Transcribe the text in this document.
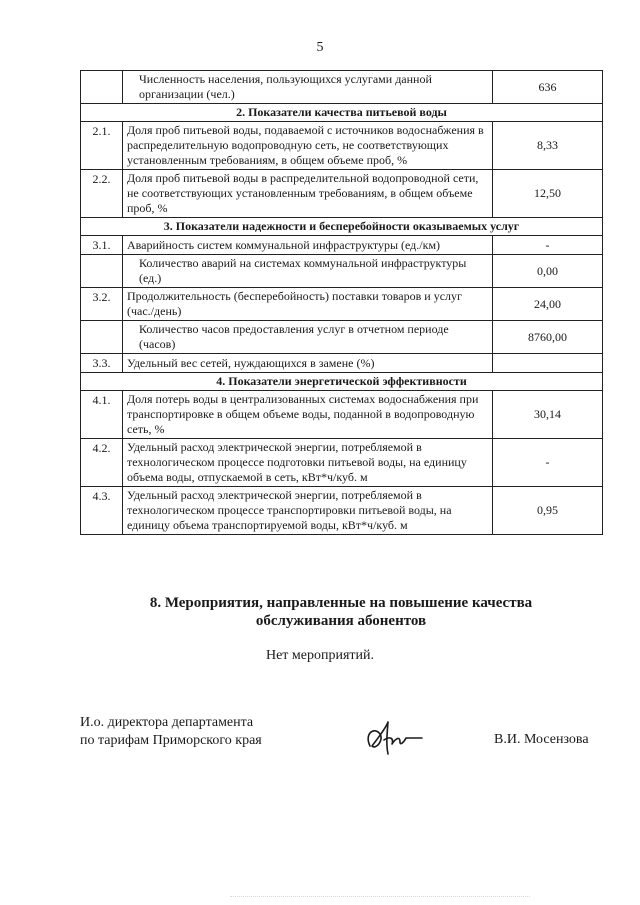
5
	Численность населения, пользующихся услугами данной организации (чел.)	636
2. Показатели качества питьевой воды		
2.1.	Доля проб питьевой воды, подаваемой с источников водоснабжения в распределительную водопроводную сеть, не соответствующих установленным требованиям, в общем объеме проб, %	8,33
2.2.	Доля проб питьевой воды в распределительной водопроводной сети, не соответствующих установленным требованиям, в общем объеме проб, %	12,50
3. Показатели надежности и бесперебойности оказываемых услуг		
3.1.	Аварийность систем коммунальной инфраструктуры (ед./км)	-
	Количество аварий на системах коммунальной инфраструктуры (ед.)	0,00
3.2.	Продолжительность (бесперебойность) поставки товаров и услуг (час./день)	24,00
	Количество часов предоставления услуг в отчетном периоде (часов)	8760,00
3.3.	Удельный вес сетей, нуждающихся в замене (%)	
4. Показатели энергетической эффективности		
4.1.	Доля потерь воды в централизованных системах водоснабжения при транспортировке в общем объеме воды, поданной в водопроводную сеть, %	30,14
4.2.	Удельный расход электрической энергии, потребляемой в технологическом процессе подготовки питьевой воды, на единицу объема воды, отпускаемой в сеть, кВт*ч/куб. м	-
4.3.	Удельный расход электрической энергии, потребляемой в технологическом процессе транспортировки питьевой воды, на единицу объема транспортируемой воды, кВт*ч/куб. м	0,95
8. Мероприятия, направленные на повышение качества
обслуживания абонентов
Нет мероприятий.
И.о. директора департамента
по тарифам Приморского края	В.И. Мосензова
